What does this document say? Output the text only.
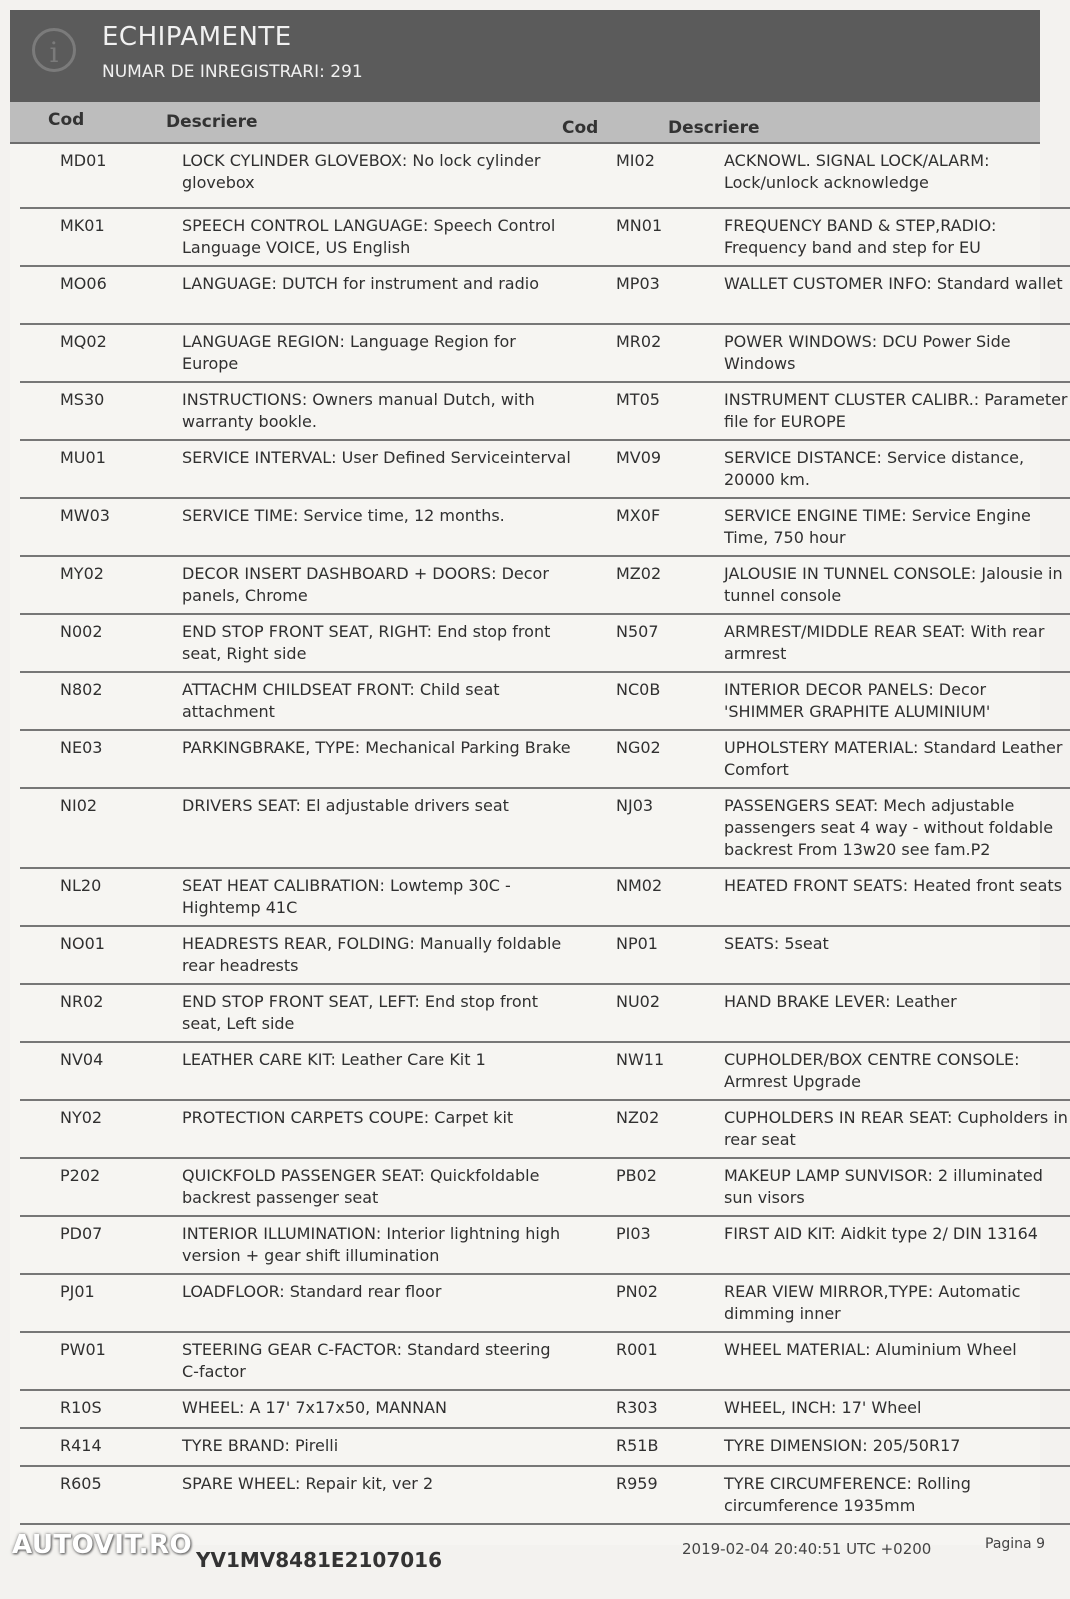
i	ECHIPAMENTE
NUMAR DE INREGISTRARI: 291
Cod	Descriere	Cod	Descriere
MD01	LOCK CYLINDER GLOVEBOX: No lock cylinder glovebox	MI02	ACKNOWL. SIGNAL LOCK/ALARM: Lock/unlock acknowledge
MK01	SPEECH CONTROL LANGUAGE: Speech Control Language VOICE, US English	MN01	FREQUENCY BAND & STEP,RADIO: Frequency band and step for EU
MO06	LANGUAGE: DUTCH for instrument and radio	MP03	WALLET CUSTOMER INFO: Standard wallet
MQ02	LANGUAGE REGION: Language Region for Europe	MR02	POWER WINDOWS: DCU Power Side Windows
MS30	INSTRUCTIONS: Owners manual Dutch, with warranty bookle.	MT05	INSTRUMENT CLUSTER CALIBR.: Parameter file for EUROPE
MU01	SERVICE INTERVAL: User Defined Serviceinterval	MV09	SERVICE DISTANCE: Service distance, 20000 km.
MW03	SERVICE TIME: Service time, 12 months.	MX0F	SERVICE ENGINE TIME: Service Engine Time, 750 hour
MY02	DECOR INSERT DASHBOARD + DOORS: Decor panels, Chrome	MZ02	JALOUSIE IN TUNNEL CONSOLE: Jalousie in tunnel console
N002	END STOP FRONT SEAT, RIGHT: End stop front seat, Right side	N507	ARMREST/MIDDLE REAR SEAT: With rear armrest
N802	ATTACHM CHILDSEAT FRONT: Child seat attachment	NC0B	INTERIOR DECOR PANELS: Decor 'SHIMMER GRAPHITE ALUMINIUM'
NE03	PARKINGBRAKE, TYPE: Mechanical Parking Brake	NG02	UPHOLSTERY MATERIAL: Standard Leather Comfort
NI02	DRIVERS SEAT: El adjustable drivers seat	NJ03	PASSENGERS SEAT: Mech adjustable passengers seat 4 way - without foldable backrest From 13w20 see fam.P2
NL20	SEAT HEAT CALIBRATION: Lowtemp 30C - Hightemp 41C	NM02	HEATED FRONT SEATS: Heated front seats
NO01	HEADRESTS REAR, FOLDING: Manually foldable rear headrests	NP01	SEATS: 5seat
NR02	END STOP FRONT SEAT, LEFT: End stop front seat, Left side	NU02	HAND BRAKE LEVER: Leather
NV04	LEATHER CARE KIT: Leather Care Kit 1	NW11	CUPHOLDER/BOX CENTRE CONSOLE: Armrest Upgrade
NY02	PROTECTION CARPETS COUPE: Carpet kit	NZ02	CUPHOLDERS IN REAR SEAT: Cupholders in rear seat
P202	QUICKFOLD PASSENGER SEAT: Quickfoldable backrest passenger seat	PB02	MAKEUP LAMP SUNVISOR: 2 illuminated sun visors
PD07	INTERIOR ILLUMINATION: Interior lightning high version + gear shift illumination	PI03	FIRST AID KIT: Aidkit type 2/ DIN 13164
PJ01	LOADFLOOR: Standard rear floor	PN02	REAR VIEW MIRROR,TYPE: Automatic dimming inner
PW01	STEERING GEAR C-FACTOR: Standard steering C-factor	R001	WHEEL MATERIAL: Aluminium Wheel
R10S	WHEEL: A 17' 7x17x50, MANNAN	R303	WHEEL, INCH: 17' Wheel
R414	TYRE BRAND: Pirelli	R51B	TYRE DIMENSION: 205/50R17
R605	SPARE WHEEL: Repair kit, ver 2	R959	TYRE CIRCUMFERENCE: Rolling circumference 1935mm
AUTOVIT.RO YV1MV8481E2107016	2019-02-04 20:40:51 UTC +0200	Pagina 9
